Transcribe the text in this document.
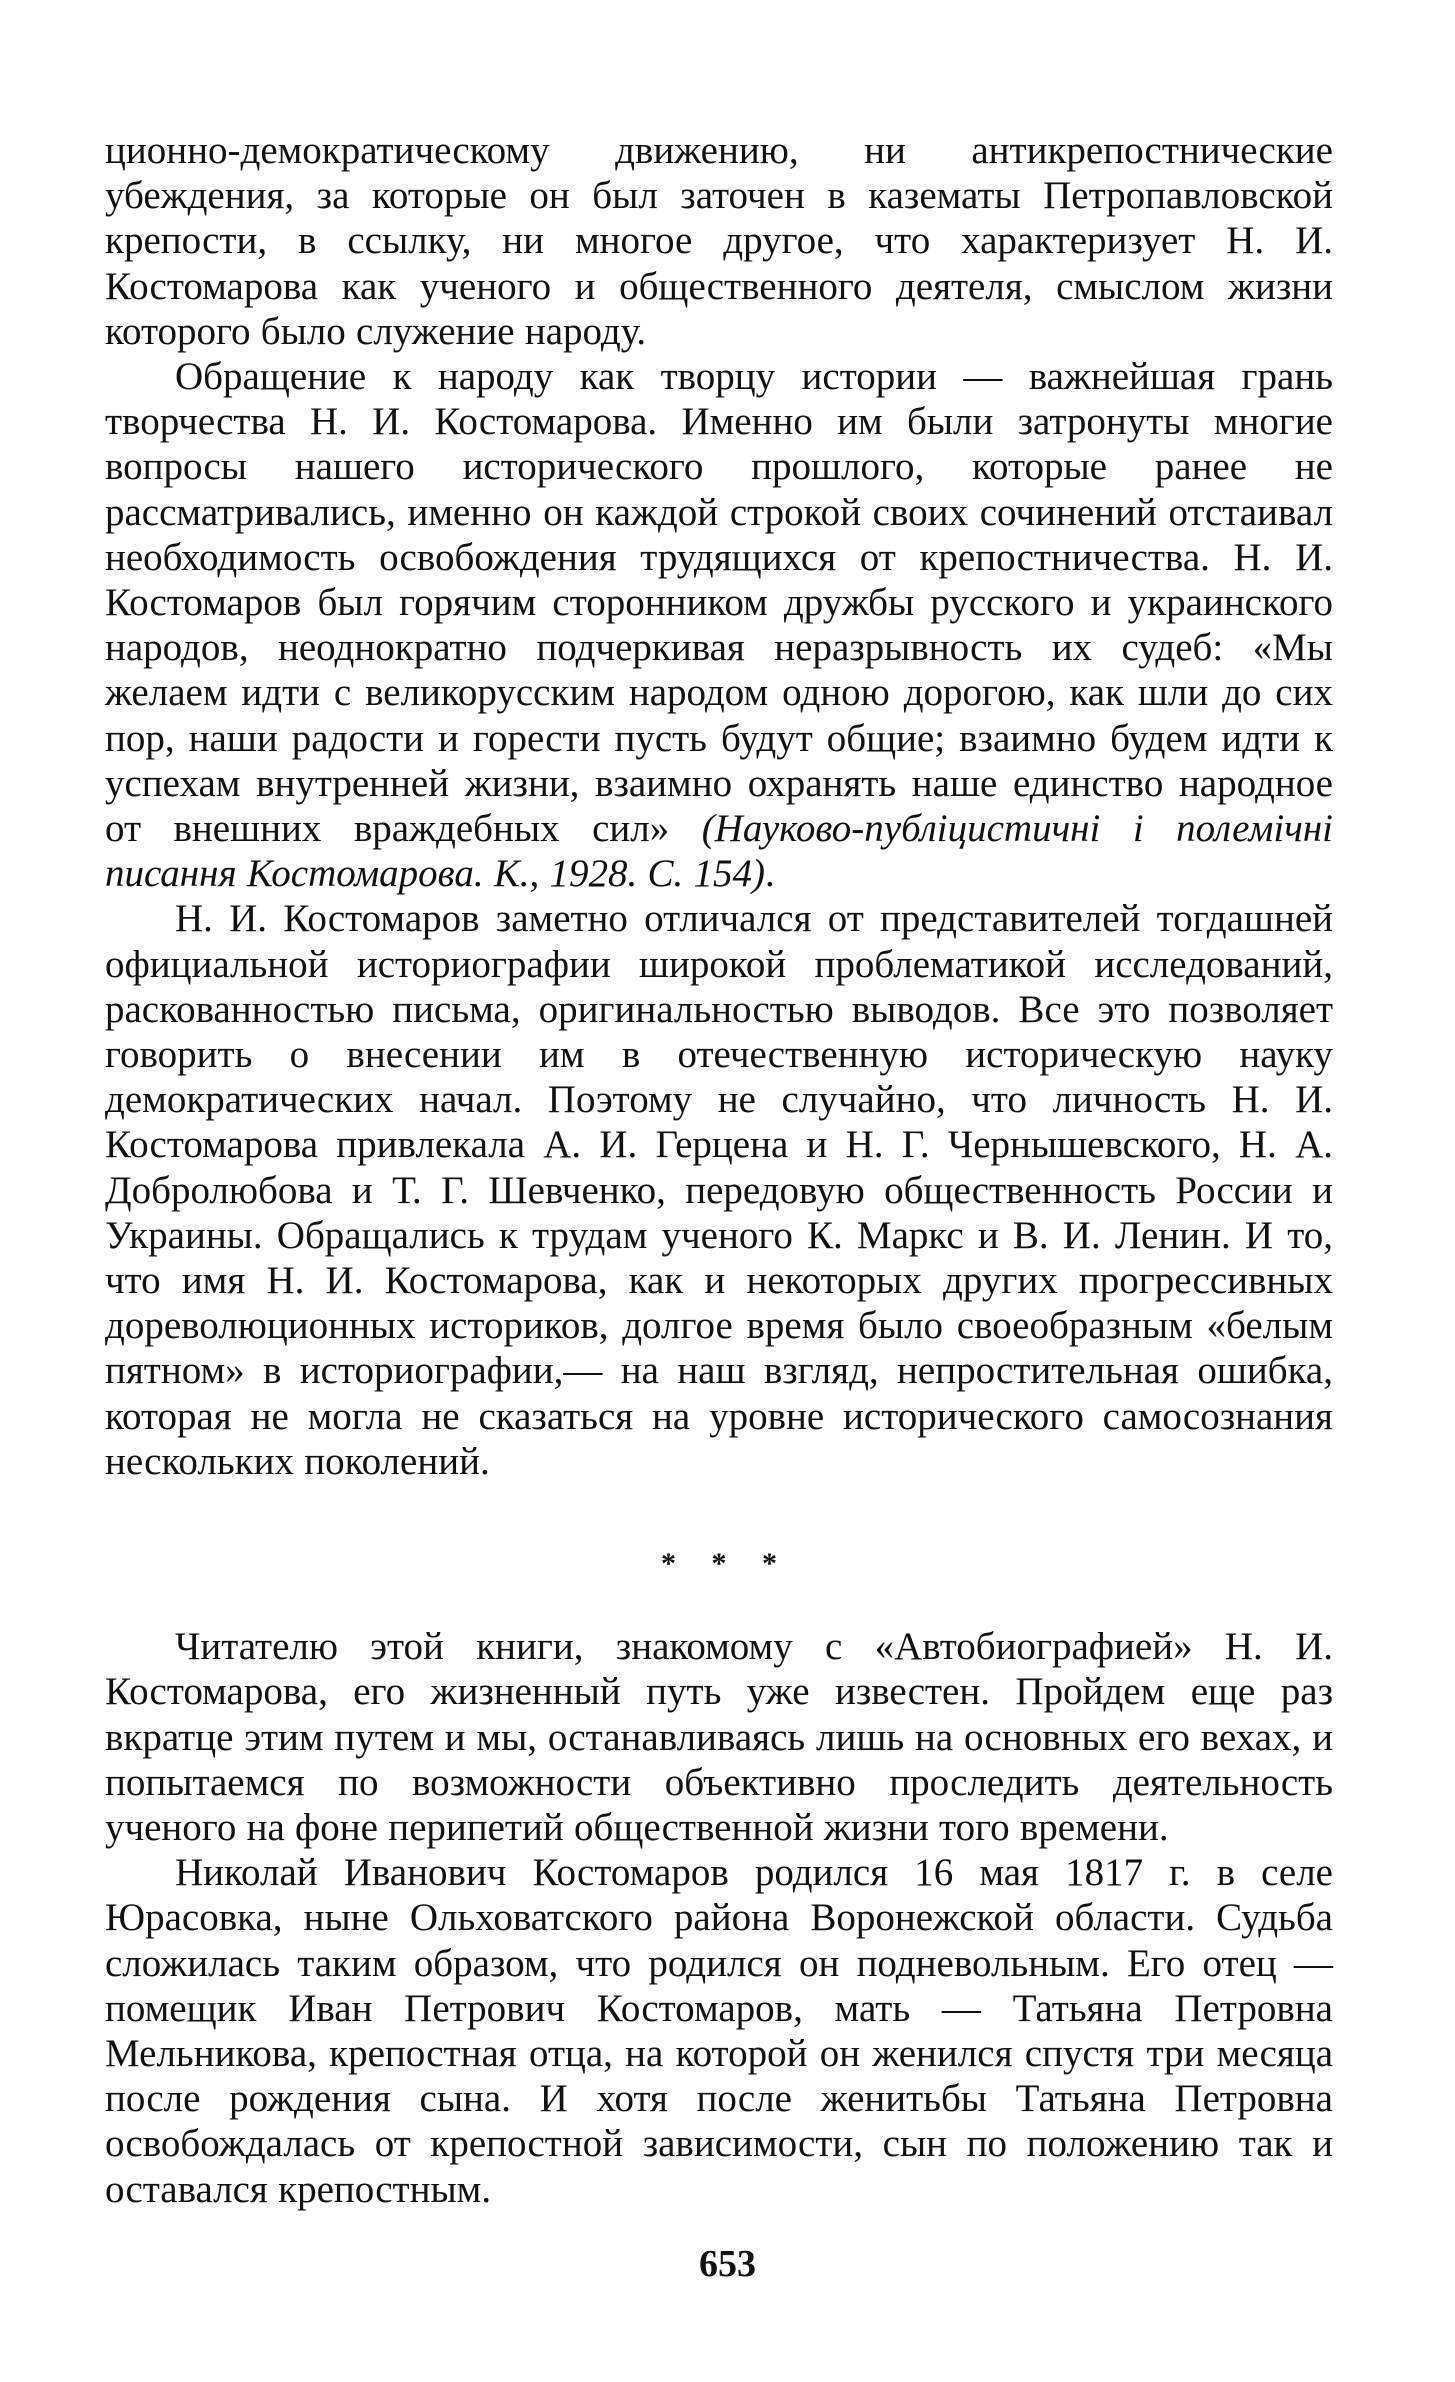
ционно-демократическому движению, ни антикрепостнические убеждения, за которые он был заточен в казематы Петропавловской крепости, в ссылку, ни многое другое, что характеризует Н. И. Костомарова как ученого и общественного деятеля, смыслом жизни которого было служение народу.

Обращение к народу как творцу истории — важнейшая грань творчества Н. И. Костомарова. Именно им были затронуты многие вопросы нашего исторического прошлого, которые ранее не рассматривались, именно он каждой строкой своих сочинений отстаивал необходимость освобождения трудящихся от крепостничества. Н. И. Костомаров был горячим сторонником дружбы русского и украинского народов, неоднократно подчеркивая неразрывность их судеб: «Мы желаем идти с великорусским народом одною дорогою, как шли до сих пор, наши радости и горести пусть будут общие; взаимно будем идти к успехам внутренней жизни, взаимно охранять наше единство народное от внешних враждебных сил» (Науково-публіцистичні і полемічні писання Костомарова. К., 1928. С. 154).

Н. И. Костомаров заметно отличался от представителей тогдашней официальной историографии широкой проблематикой исследований, раскованностью письма, оригинальностью выводов. Все это позволяет говорить о внесении им в отечественную историческую науку демократических начал. Поэтому не случайно, что личность Н. И. Костомарова привлекала А. И. Герцена и Н. Г. Чернышевского, Н. А. Добролюбова и Т. Г. Шевченко, передовую общественность России и Украины. Обращались к трудам ученого К. Маркс и В. И. Ленин. И то, что имя Н. И. Костомарова, как и некоторых других прогрессивных дореволюционных историков, долгое время было своеобразным «белым пятном» в историографии,— на наш взгляд, непростительная ошибка, которая не могла не сказаться на уровне исторического самосознания нескольких поколений.

* * *

Читателю этой книги, знакомому с «Автобиографией» Н. И. Костомарова, его жизненный путь уже известен. Пройдем еще раз вкратце этим путем и мы, останавливаясь лишь на основных его вехах, и попытаемся по возможности объективно проследить деятельность ученого на фоне перипетий общественной жизни того времени.

Николай Иванович Костомаров родился 16 мая 1817 г. в селе Юрасовка, ныне Ольховатского района Воронежской области. Судьба сложилась таким образом, что родился он подневольным. Его отец — помещик Иван Петрович Костомаров, мать — Татьяна Петровна Мельникова, крепостная отца, на которой он женился спустя три месяца после рождения сына. И хотя после женитьбы Татьяна Петровна освобождалась от крепостной зависимости, сын по положению так и оставался крепостным.

653
